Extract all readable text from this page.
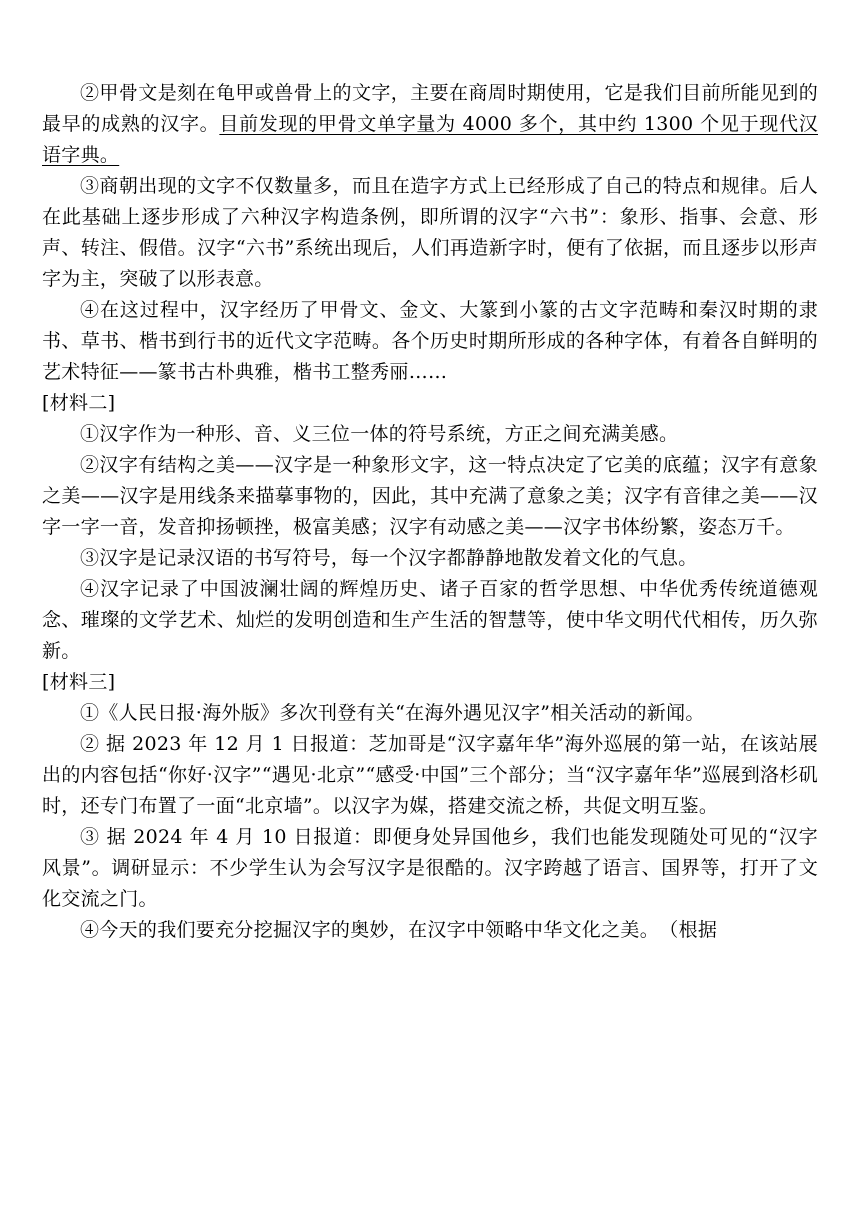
②甲骨文是刻在龟甲或兽骨上的文字，主要在商周时期使用，它是我们目前所能见到的最早的成熟的汉字。目前发现的甲骨文单字量为 4000 多个，其中约 1300 个见于现代汉语字典。

③商朝出现的文字不仅数量多，而且在造字方式上已经形成了自己的特点和规律。后人在此基础上逐步形成了六种汉字构造条例，即所谓的汉字“六书”：象形、指事、会意、形声、转注、假借。汉字“六书”系统出现后，人们再造新字时，便有了依据，而且逐步以形声字为主，突破了以形表意。

④在这过程中，汉字经历了甲骨文、金文、大篆到小篆的古文字范畴和秦汉时期的隶书、草书、楷书到行书的近代文字范畴。各个历史时期所形成的各种字体，有着各自鲜明的艺术特征——篆书古朴典雅，楷书工整秀丽……

[材料二]

①汉字作为一种形、音、义三位一体的符号系统，方正之间充满美感。

②汉字有结构之美——汉字是一种象形文字，这一特点决定了它美的底蕴；汉字有意象之美——汉字是用线条来描摹事物的，因此，其中充满了意象之美；汉字有音律之美——汉字一字一音，发音抑扬顿挫，极富美感；汉字有动感之美——汉字书体纷繁，姿态万千。

③汉字是记录汉语的书写符号，每一个汉字都静静地散发着文化的气息。

④汉字记录了中国波澜壮阔的辉煌历史、诸子百家的哲学思想、中华优秀传统道德观念、璀璨的文学艺术、灿烂的发明创造和生产生活的智慧等，使中华文明代代相传，历久弥新。

[材料三]

①《人民日报·海外版》多次刊登有关“在海外遇见汉字”相关活动的新闻。

② 据 2023 年 12 月 1 日报道：芝加哥是“汉字嘉年华”海外巡展的第一站，在该站展出的内容包括“你好·汉字”“遇见·北京”“感受·中国”三个部分；当“汉字嘉年华”巡展到洛杉矶时，还专门布置了一面“北京墙”。以汉字为媒，搭建交流之桥，共促文明互鉴。

③ 据 2024 年 4 月 10 日报道：即便身处异国他乡，我们也能发现随处可见的“汉字风景”。调研显示：不少学生认为会写汉字是很酷的。汉字跨越了语言、国界等，打开了文化交流之门。

④今天的我们要充分挖掘汉字的奥妙，在汉字中领略中华文化之美。　（根据
